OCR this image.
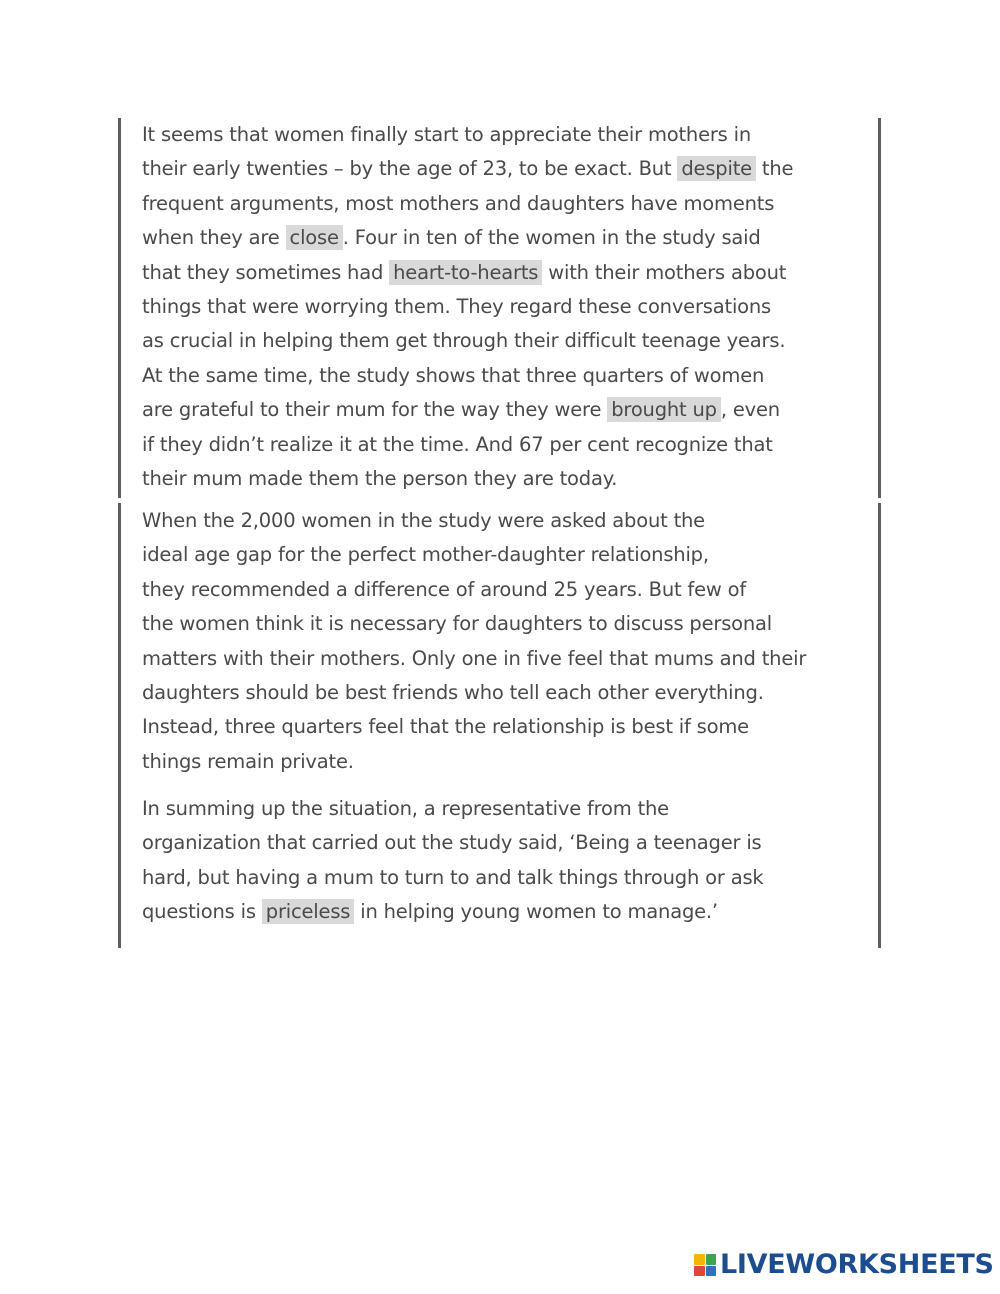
It seems that women finally start to appreciate their mothers in
their early twenties – by the age of 23, to be exact. But despite the
frequent arguments, most mothers and daughters have moments
when they are close . Four in ten of the women in the study said
that they sometimes had heart-to-hearts with their mothers about
things that were worrying them. They regard these conversations
as crucial in helping them get through their difficult teenage years.
At the same time, the study shows that three quarters of women
are grateful to their mum for the way they were brought up , even
if they didn’t realize it at the time. And 67 per cent recognize that
their mum made them the person they are today.

When the 2,000 women in the study were asked about the
ideal age gap for the perfect mother-daughter relationship,
they recommended a difference of around 25 years. But few of
the women think it is necessary for daughters to discuss personal
matters with their mothers. Only one in five feel that mums and their
daughters should be best friends who tell each other everything.
Instead, three quarters feel that the relationship is best if some
things remain private.

In summing up the situation, a representative from the
organization that carried out the study said, ‘Being a teenager is
hard, but having a mum to turn to and talk things through or ask
questions is priceless in helping young women to manage.’

LIVEWORKSHEETS
